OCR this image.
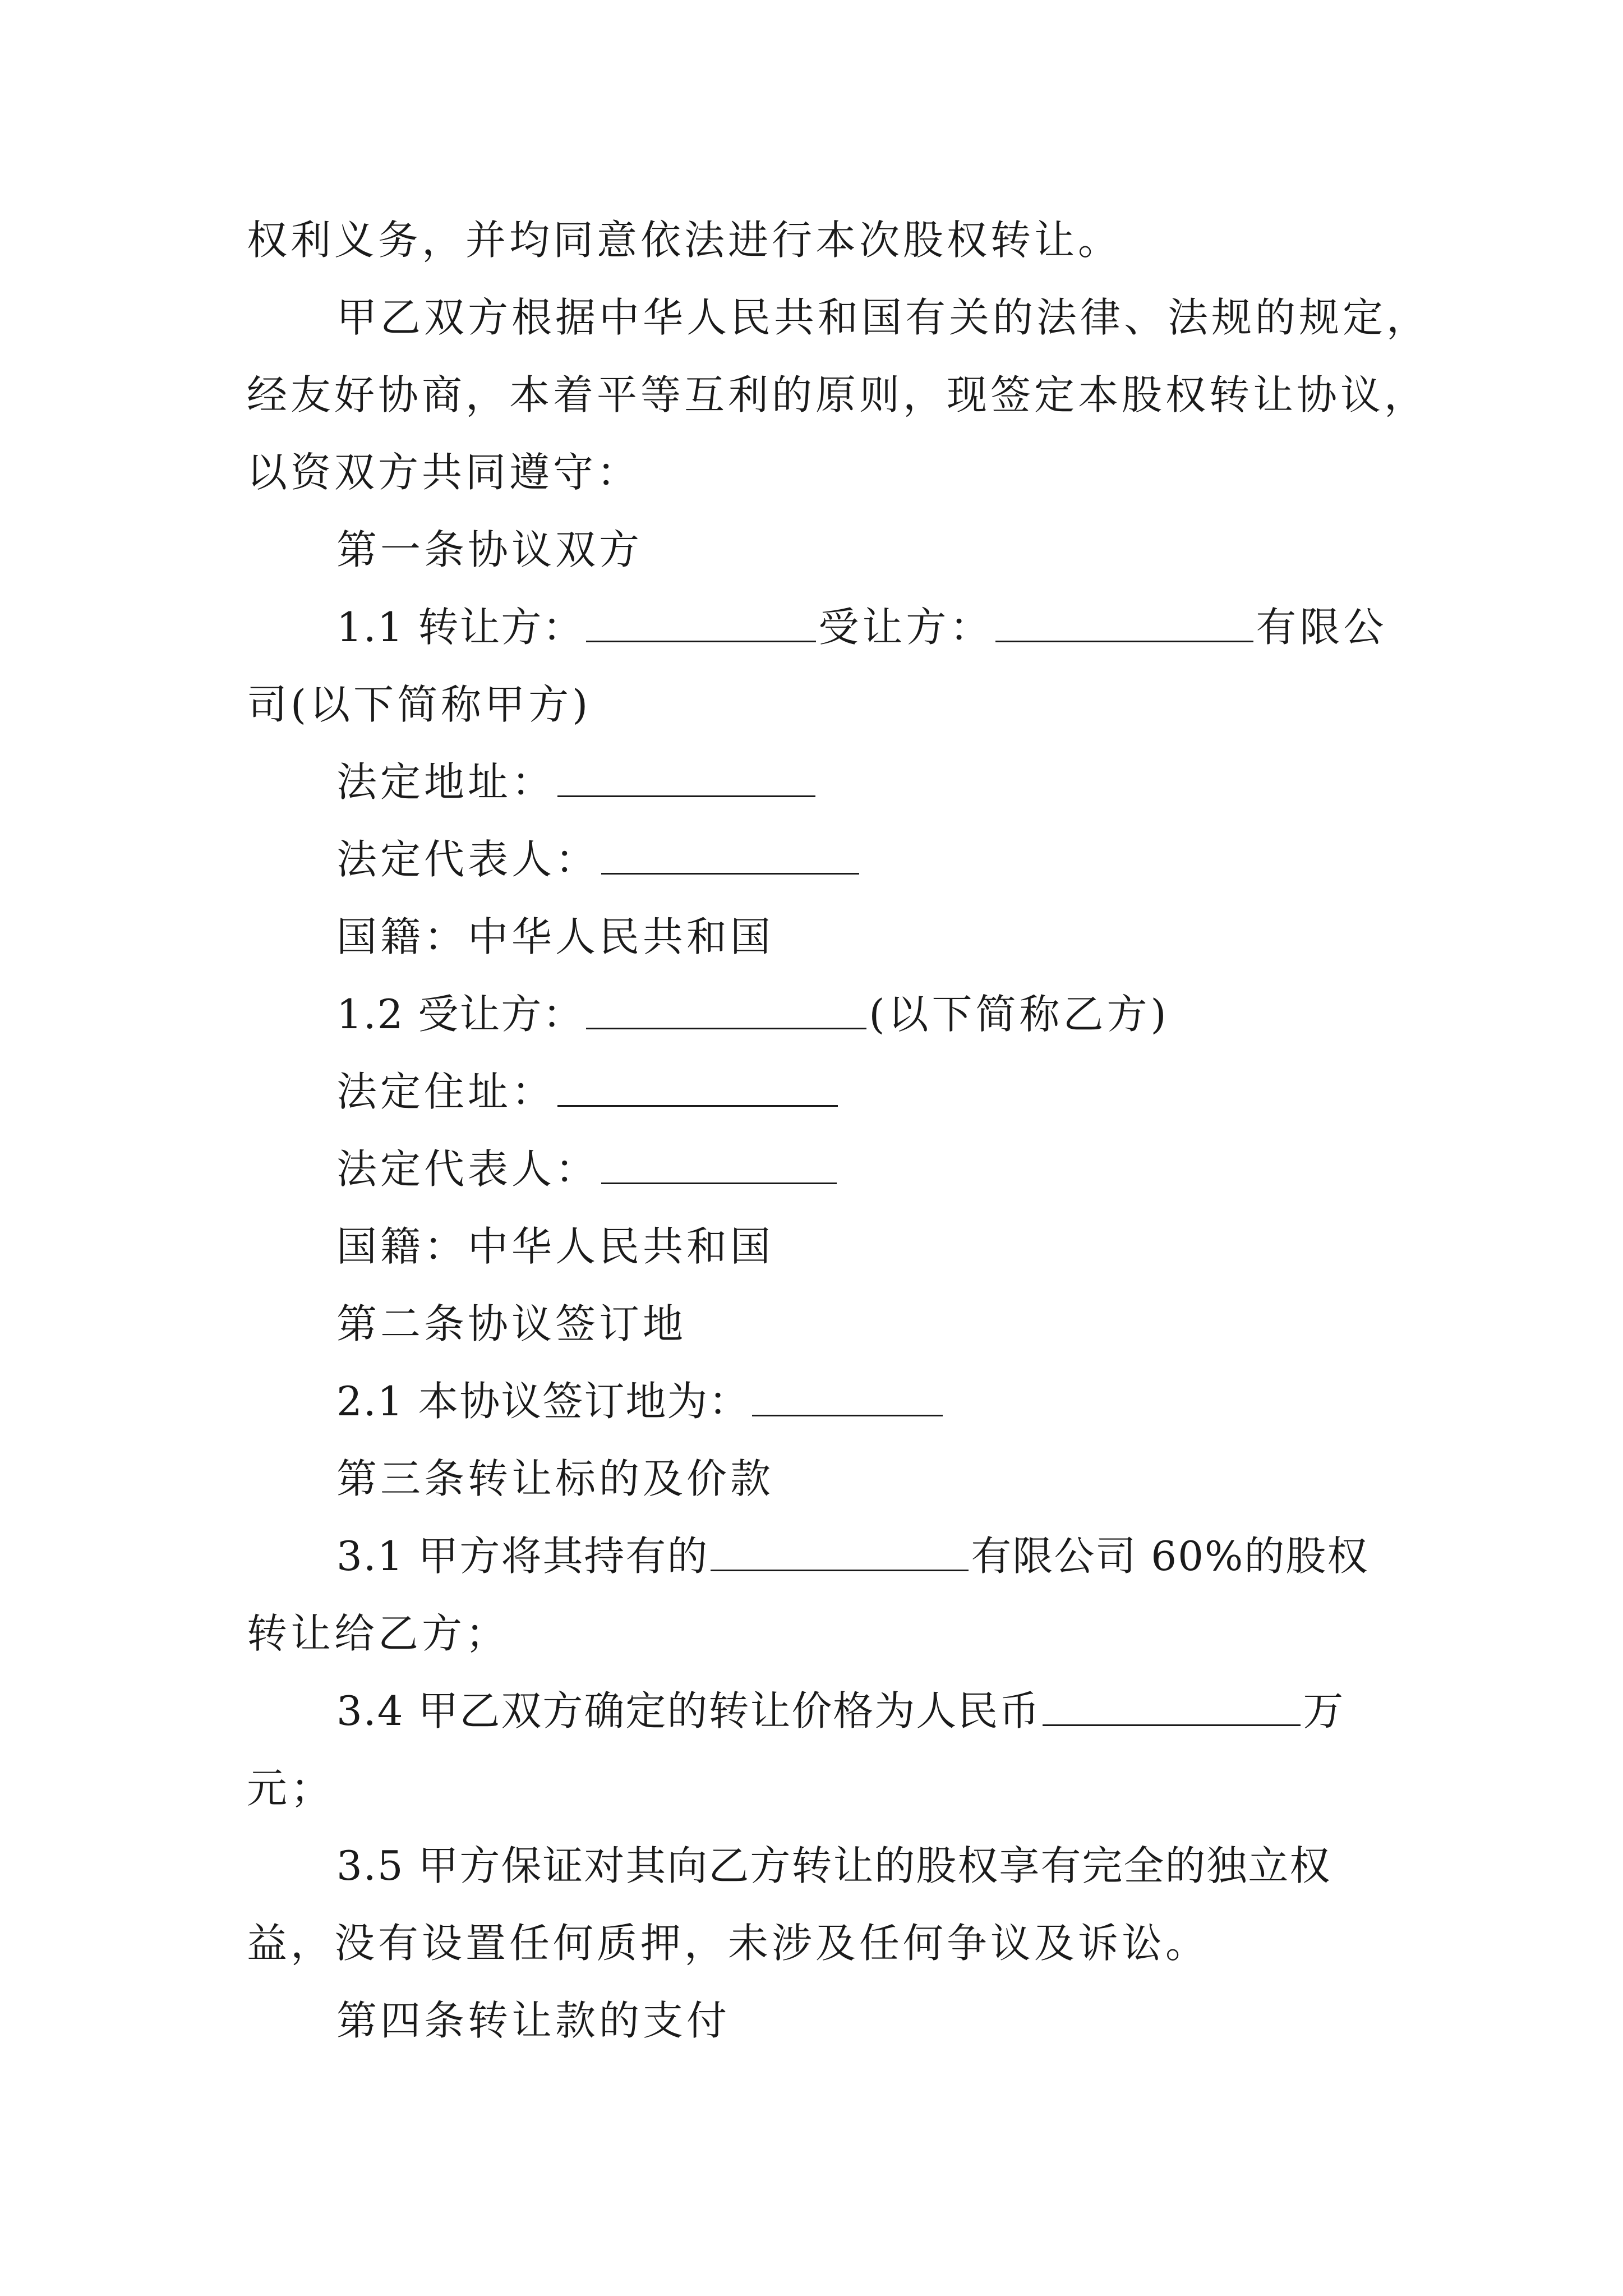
权利义务，并均同意依法进行本次股权转让。
甲乙双方根据中华人民共和国有关的法律、法规的规定，
经友好协商，本着平等互利的原则，现签定本股权转让协议，
以资双方共同遵守：
第一条协议双方
1.1 转让方：	受让方：	有限公
司(以下简称甲方)
法定地址：
法定代表人：
国籍：中华人民共和国
1.2 受让方：	(以下简称乙方)
法定住址：
法定代表人：
国籍：中华人民共和国
第二条协议签订地
2.1 本协议签订地为：
第三条转让标的及价款
3.1 甲方将其持有的	有限公司 60%的股权
转让给乙方；
3.4 甲乙双方确定的转让价格为人民币	万
元；
3.5 甲方保证对其向乙方转让的股权享有完全的独立权
益，没有设置任何质押，未涉及任何争议及诉讼。
第四条转让款的支付
